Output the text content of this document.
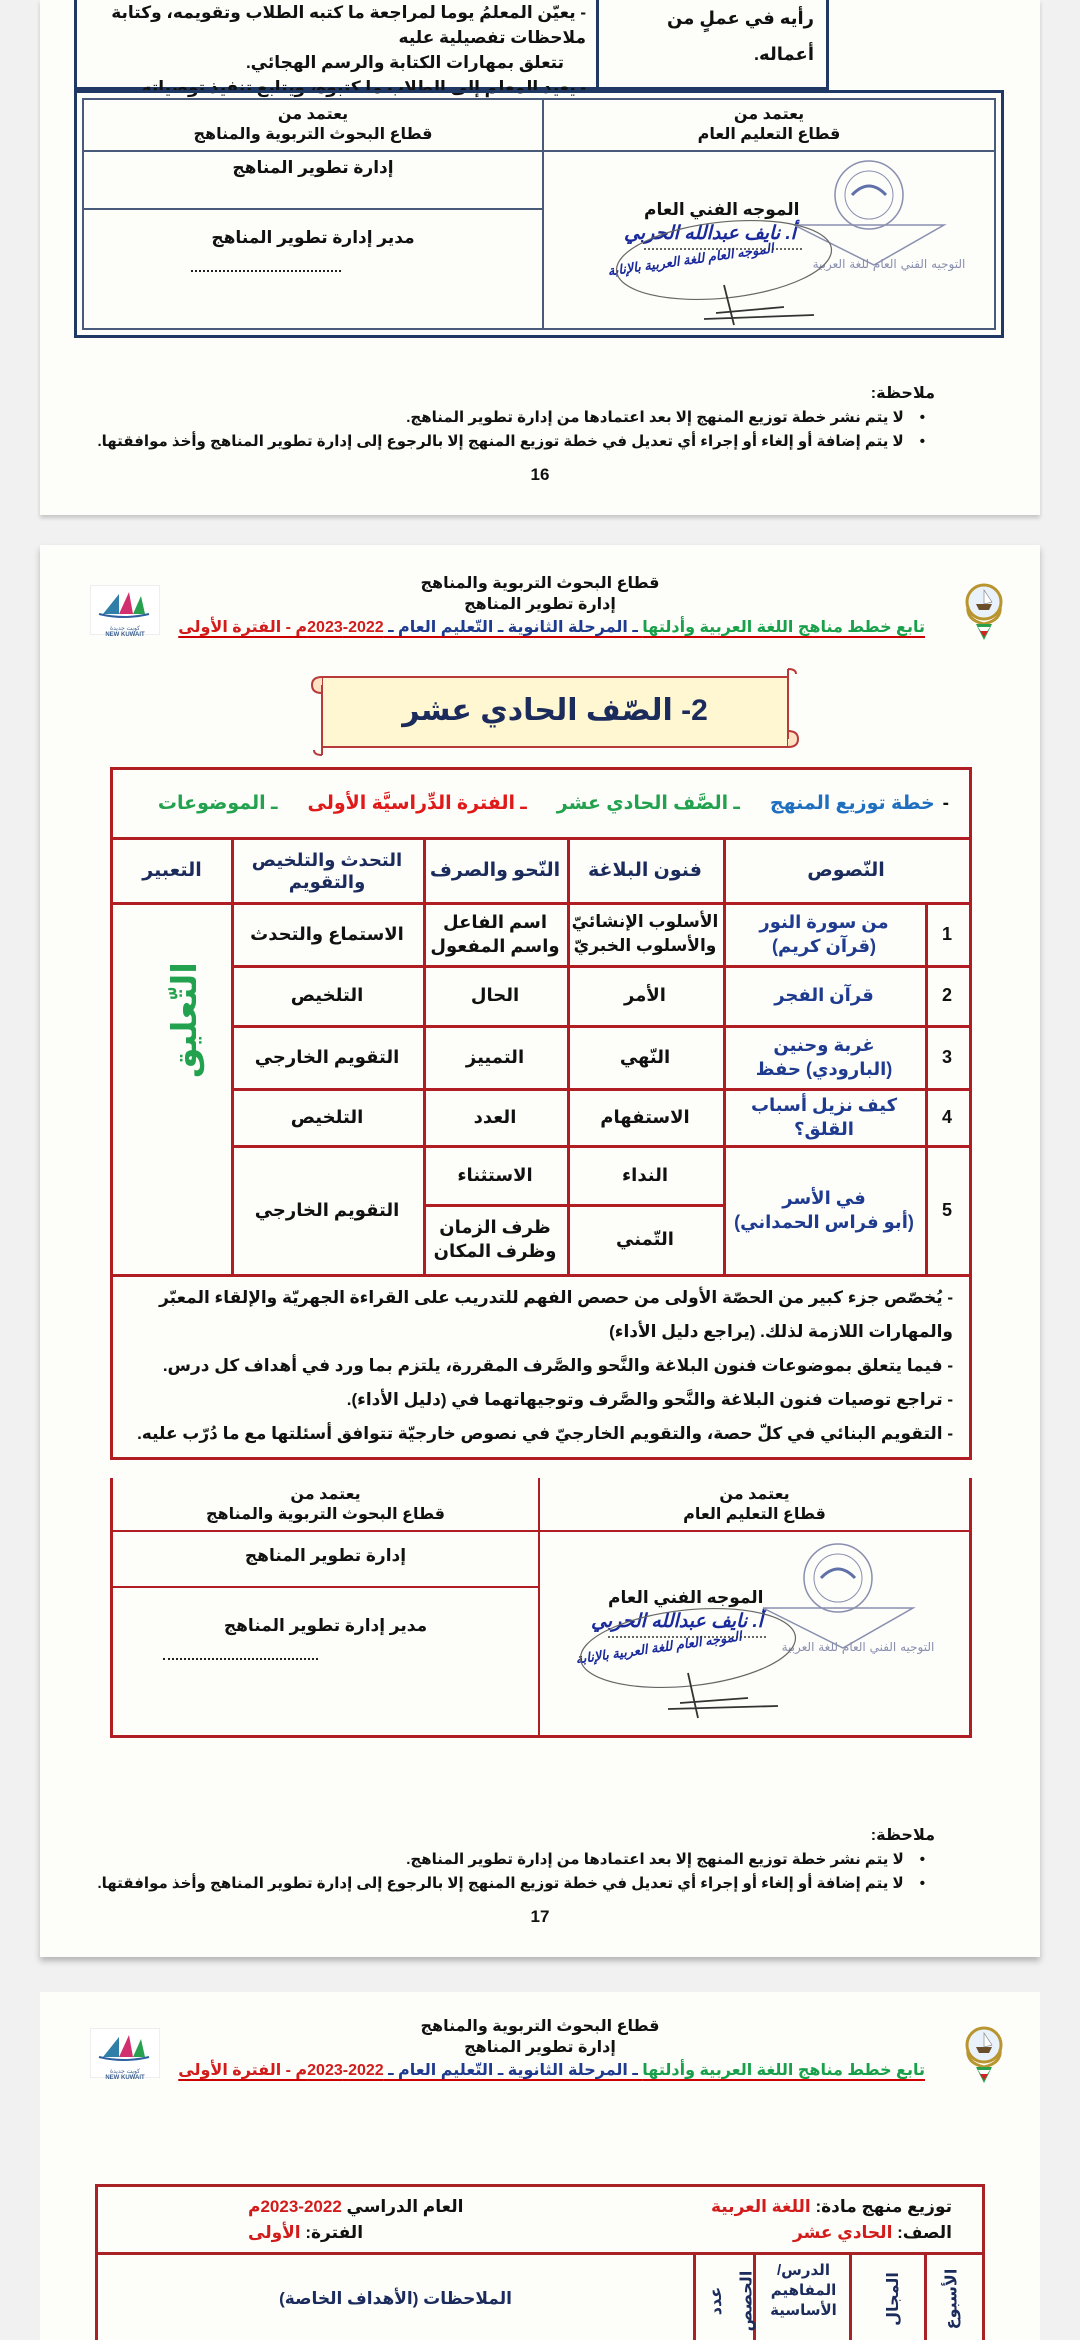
رأيه في عملٍ من أعماله.
- يعيّن المعلمُ يوما لمراجعة ما كتبه الطلاب وتقويمه، وكتابة ملاحظات تفصيلية عليه
تتعلق بمهارات الكتابة والرسم الهجائي.
- يعيد المعلم إلى الطلاب ما كتبوه، ويتابع تنفيذ توصياته.
يعتمد من
قطاع التعليم العام
يعتمد من
قطاع البحوث التربوية والمناهج
إدارة تطوير المناهج
مدير إدارة تطوير المناهج
الموجه الفني العام
أ. نايف عبدالله الحربي
الموجه العام للغة العربية بالإنابة	التوجيه الفني العام للغة العربية
ملاحظة:
• لا يتم نشر خطة توزيع المنهج إلا بعد اعتمادها من إدارة تطوير المناهج.
• لا يتم إضافة أو إلغاء أو إجراء أي تعديل في خطة توزيع المنهج إلا بالرجوع إلى إدارة تطوير المناهج وأخذ موافقتها.
16
قطاع البحوث التربوية والمناهج
إدارة تطوير المناهج
تابع خطط مناهج اللغة العربية وأدلتها ـ المرحلة الثانوية ـ التّعليم العام ـ 2022-2023م - الفترة الأولى
كويت جديدة
NEW KUWAIT
2- الصّف الحادي عشر
-
خطة توزيع المنهج
ـ الصَّف الحادي عشر
ـ الفترة الدِّراسيَّة الأولى
ـ الموضوعات
النّصوص
فنون البلاغة
النّحو والصرف
التحدث والتلخيص والتقويم
التعبير
1
من سورة النور
(قرآن كريم)
الأسلوب الإنشائيّ
والأسلوب الخبريّ
اسم الفاعل
واسم المفعول
الاستماع والتحدث
2
قرآن الفجر
الأمر
الحال
التلخيص
3
غربة وحنين
(البارودي) حفظ
النّهي
التمييز
التقويم الخارجي
4
كيف نزيل أسباب القلق؟
الاستفهام
العدد
التلخيص
5
في الأسر
(أبو فراس الحمداني)
النداء
التّمني
الاستثناء
ظرف الزمان
وظرف المكان
التقويم الخارجي
التّعليق
- يُخصّص جزء كبير من الحصّة الأولى من حصص الفهم للتدريب على القراءة الجهريّة والإلقاء المعبّر
والمهارات اللازمة لذلك. (يراجع دليل الأداء)
- فيما يتعلق بموضوعات فنون البلاغة والنَّحو والصَّرف المقررة، يلتزم بما ورد في أهداف كل درس.
- تراجع توصيات فنون البلاغة والنَّحو والصَّرف وتوجيهاتهما في (دليل الأداء).
- التقويم البنائي في كلّ حصة، والتقويم الخارجيّ في نصوص خارجيّة تتوافق أسئلتها مع ما دُرّب عليه.
يعتمد من
قطاع التعليم العام
يعتمد من
قطاع البحوث التربوية والمناهج
إدارة تطوير المناهج
مدير إدارة تطوير المناهج
الموجه الفني العام
أ. نايف عبدالله الحربي
الموجه العام للغة العربية بالإنابة	التوجيه الفني العام للغة العربية
ملاحظة:
• لا يتم نشر خطة توزيع المنهج إلا بعد اعتمادها من إدارة تطوير المناهج.
• لا يتم إضافة أو إلغاء أو إجراء أي تعديل في خطة توزيع المنهج إلا بالرجوع إلى إدارة تطوير المناهج وأخذ موافقتها.
17
قطاع البحوث التربوية والمناهج
إدارة تطوير المناهج
تابع خطط مناهج اللغة العربية وأدلتها ـ المرحلة الثانوية ـ التّعليم العام ـ 2022-2023م - الفترة الأولى
كويت جديدة
NEW KUWAIT
توزيع منهج مادة: اللغة العربية
الصف: الحادي عشر
العام الدراسي 2022-2023م
الفترة: الأولى
الأسبوع
المجال
الدرس/ المفاهيم الأساسية
عدد الحصص
الملاحظات (الأهداف الخاصة)
